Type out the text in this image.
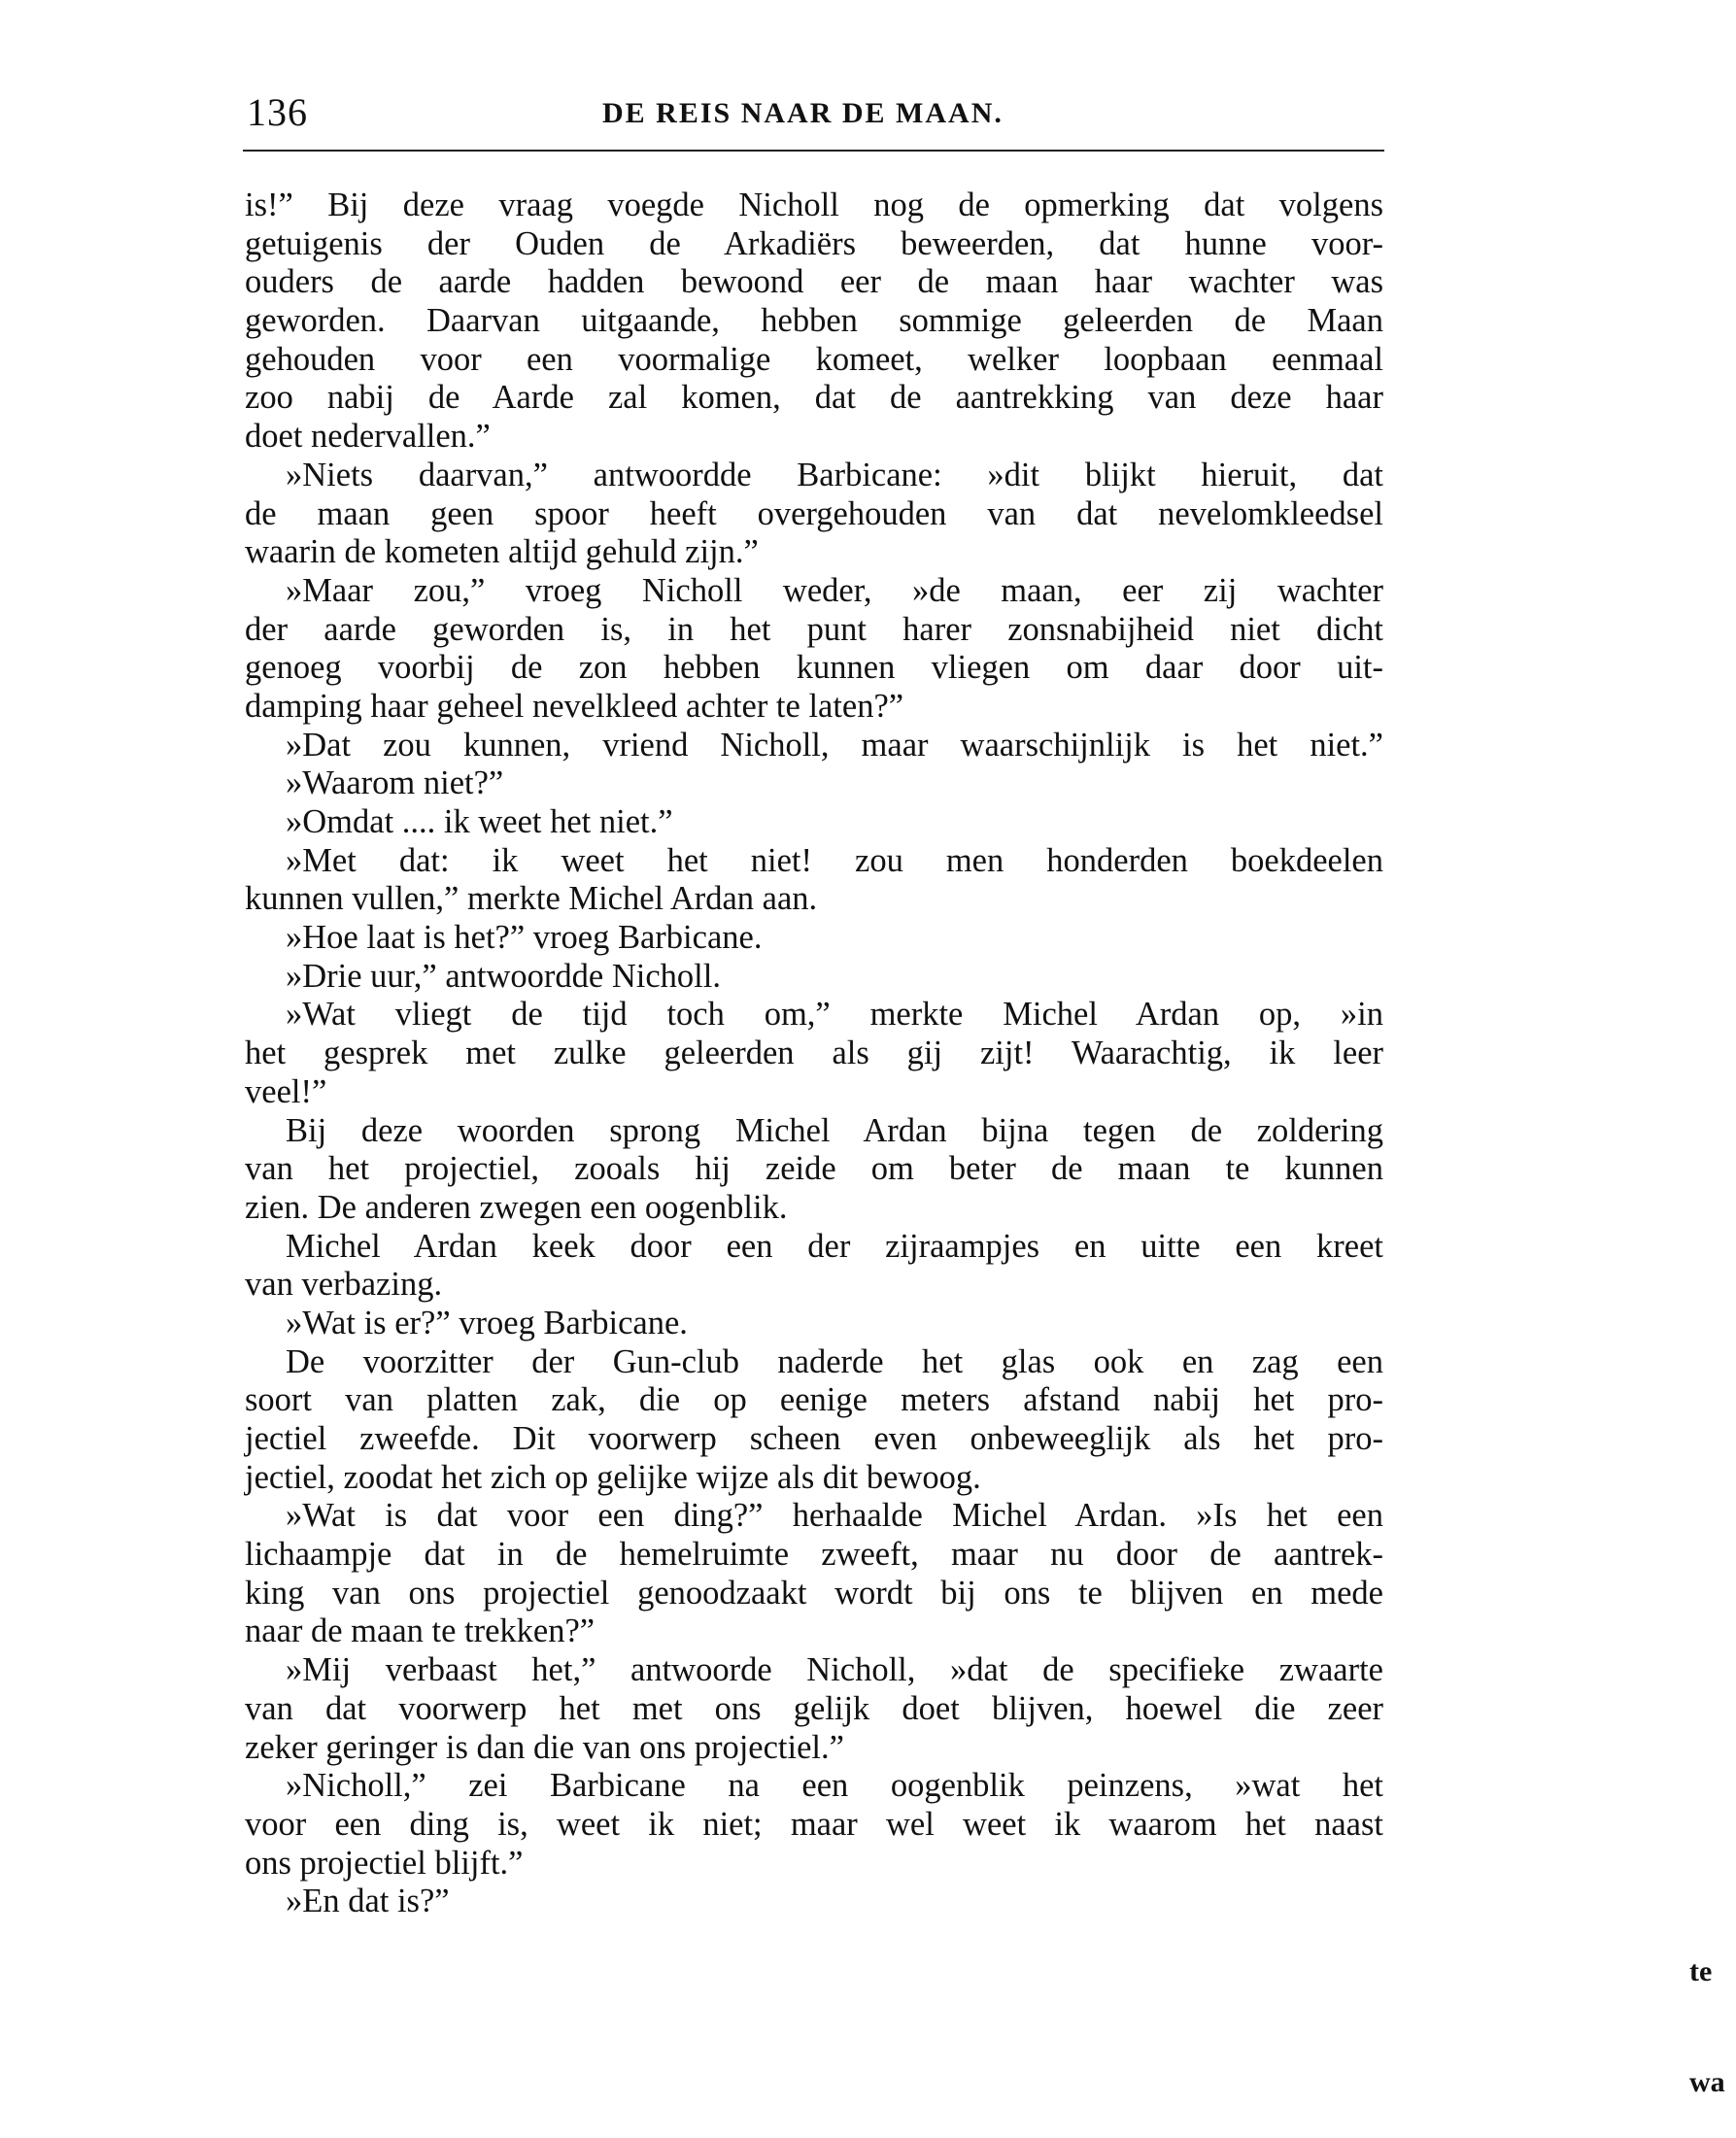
136	DE REIS NAAR DE MAAN.
is!” Bij deze vraag voegde Nicholl nog de opmerking dat volgens
getuigenis der Ouden de Arkadiërs beweerden, dat hunne voor-
ouders de aarde hadden bewoond eer de maan haar wachter was
geworden. Daarvan uitgaande, hebben sommige geleerden de Maan
gehouden voor een voormalige komeet, welker loopbaan eenmaal
zoo nabij de Aarde zal komen, dat de aantrekking van deze haar
doet nedervallen.”
»Niets daarvan,” antwoordde Barbicane: »dit blijkt hieruit, dat
de maan geen spoor heeft overgehouden van dat nevelomkleedsel
waarin de kometen altijd gehuld zijn.”
»Maar zou,” vroeg Nicholl weder, »de maan, eer zij wachter
der aarde geworden is, in het punt harer zonsnabijheid niet dicht
genoeg voorbij de zon hebben kunnen vliegen om daar door uit-
damping haar geheel nevelkleed achter te laten?”
»Dat zou kunnen, vriend Nicholl, maar waarschijnlijk is het niet.”
»Waarom niet?”
»Omdat .... ik weet het niet.”
»Met dat: ik weet het niet! zou men honderden boekdeelen
kunnen vullen,” merkte Michel Ardan aan.
»Hoe laat is het?” vroeg Barbicane.
»Drie uur,” antwoordde Nicholl.
»Wat vliegt de tijd toch om,” merkte Michel Ardan op, »in
het gesprek met zulke geleerden als gij zijt! Waarachtig, ik leer
veel!”
Bij deze woorden sprong Michel Ardan bijna tegen de zoldering
van het projectiel, zooals hij zeide om beter de maan te kunnen
zien. De anderen zwegen een oogenblik.
Michel Ardan keek door een der zijraampjes en uitte een kreet
van verbazing.
»Wat is er?” vroeg Barbicane.
De voorzitter der Gun-club naderde het glas ook en zag een
soort van platten zak, die op eenige meters afstand nabij het pro-
jectiel zweefde. Dit voorwerp scheen even onbeweeglijk als het pro-
jectiel, zoodat het zich op gelijke wijze als dit bewoog.
»Wat is dat voor een ding?” herhaalde Michel Ardan. »Is het een
lichaampje dat in de hemelruimte zweeft, maar nu door de aantrek-
king van ons projectiel genoodzaakt wordt bij ons te blijven en mede
naar de maan te trekken?”
»Mij verbaast het,” antwoorde Nicholl, »dat de specifieke zwaarte
van dat voorwerp het met ons gelijk doet blijven, hoewel die zeer
zeker geringer is dan die van ons projectiel.”
»Nicholl,” zei Barbicane na een oogenblik peinzens, »wat het
voor een ding is, weet ik niet; maar wel weet ik waarom het naast
ons projectiel blijft.”
»En dat is?”

te

wa
